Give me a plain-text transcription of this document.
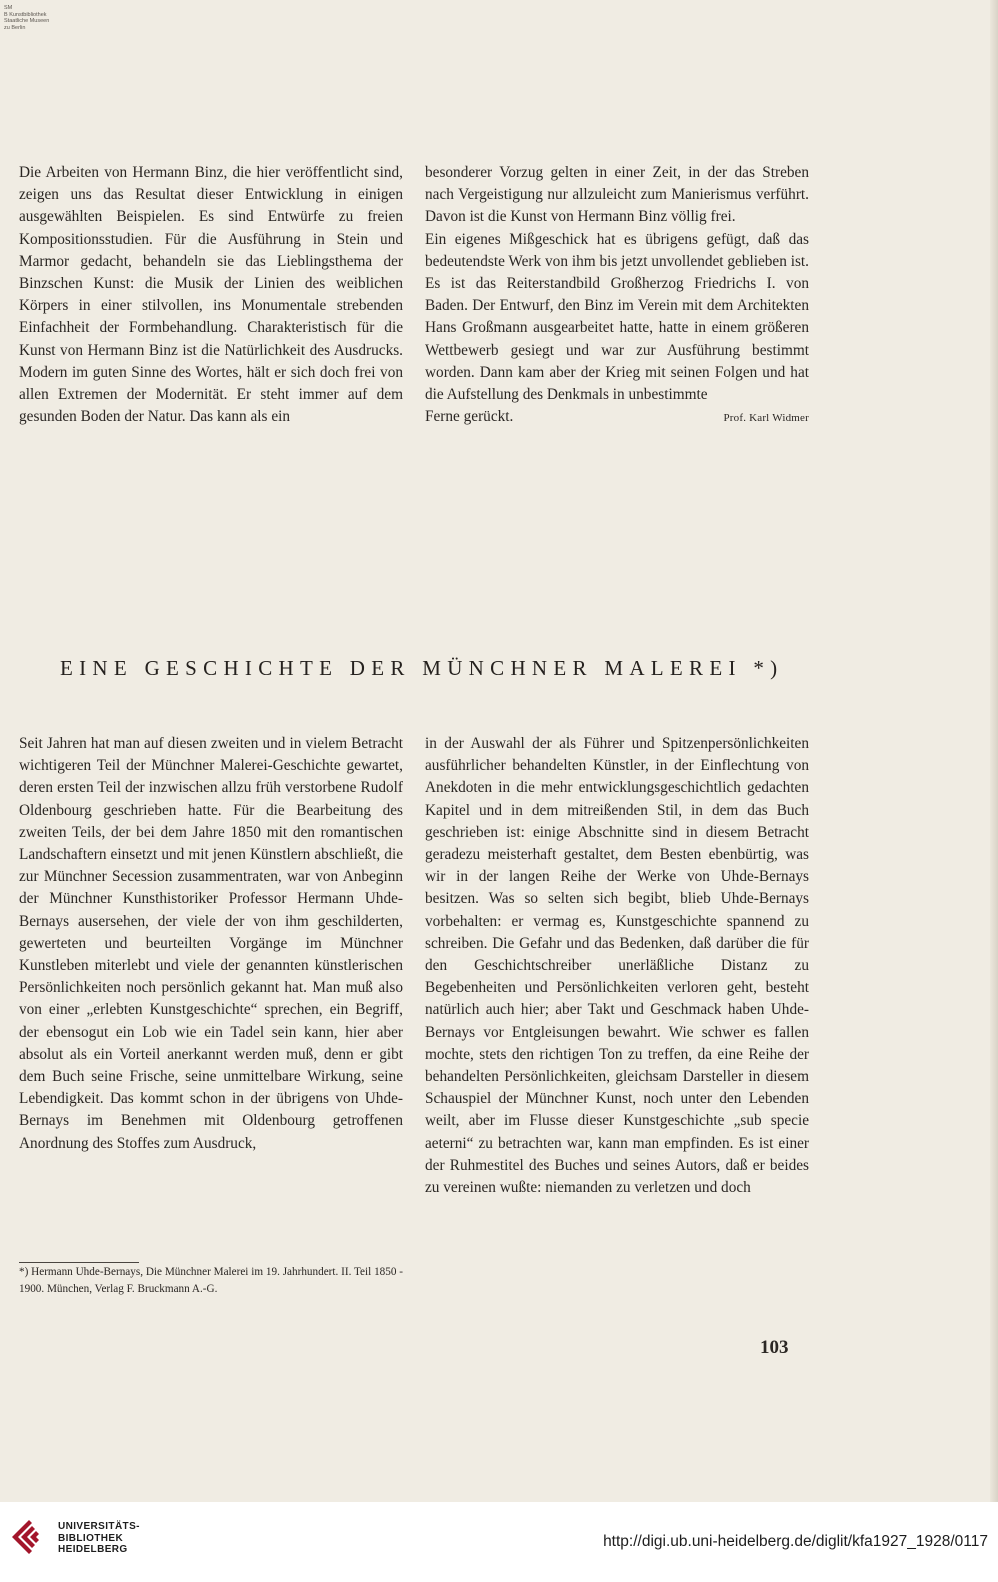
SM
B Kunstbibliothek
Staatliche Museen
zu Berlin

Die Arbeiten von Hermann Binz, die hier veröffentlicht sind, zeigen uns das Resultat dieser Entwicklung in einigen ausgewählten Beispielen. Es sind Entwürfe zu freien Kompositionsstudien. Für die Ausführung in Stein und Marmor gedacht, behandeln sie das Lieblingsthema der Binzschen Kunst: die Musik der Linien des weiblichen Körpers in einer stilvollen, ins Monumentale strebenden Einfachheit der Formbehandlung. Charakteristisch für die Kunst von Hermann Binz ist die Natürlichkeit des Ausdrucks. Modern im guten Sinne des Wortes, hält er sich doch frei von allen Extremen der Modernität. Er steht immer auf dem gesunden Boden der Natur. Das kann als ein

besonderer Vorzug gelten in einer Zeit, in der das Streben nach Vergeistigung nur allzuleicht zum Manierismus verführt. Davon ist die Kunst von Hermann Binz völlig frei.

Ein eigenes Mißgeschick hat es übrigens gefügt, daß das bedeutendste Werk von ihm bis jetzt unvollendet geblieben ist. Es ist das Reiterstandbild Großherzog Friedrichs I. von Baden. Der Entwurf, den Binz im Verein mit dem Architekten Hans Großmann ausgearbeitet hatte, hatte in einem größeren Wettbewerb gesiegt und war zur Ausführung bestimmt worden. Dann kam aber der Krieg mit seinen Folgen und hat die Aufstellung des Denkmals in unbestimmte

Ferne gerückt.	Prof. Karl Widmer
EINE GESCHICHTE DER MÜNCHNER MALEREI *)

Seit Jahren hat man auf diesen zweiten und in vielem Betracht wichtigeren Teil der Münchner Malerei-Geschichte gewartet, deren ersten Teil der inzwischen allzu früh verstorbene Rudolf Oldenbourg geschrieben hatte. Für die Bearbeitung des zweiten Teils, der bei dem Jahre 1850 mit den romantischen Landschaftern einsetzt und mit jenen Künstlern abschließt, die zur Münchner Secession zusammentraten, war von Anbeginn der Münchner Kunsthistoriker Professor Hermann Uhde-Bernays ausersehen, der viele der von ihm geschilderten, gewerteten und beurteilten Vorgänge im Münchner Kunstleben miterlebt und viele der genannten künstlerischen Persönlichkeiten noch persönlich gekannt hat. Man muß also von einer „erlebten Kunstgeschichte“ sprechen, ein Begriff, der ebensogut ein Lob wie ein Tadel sein kann, hier aber absolut als ein Vorteil anerkannt werden muß, denn er gibt dem Buch seine Frische, seine unmittelbare Wirkung, seine Lebendigkeit. Das kommt schon in der übrigens von Uhde-Bernays im Benehmen mit Oldenbourg getroffenen Anordnung des Stoffes zum Ausdruck,

*) Hermann Uhde-Bernays, Die Münchner Malerei im 19. Jahrhundert. II. Teil 1850 - 1900. München, Verlag F. Bruckmann A.-G.

in der Auswahl der als Führer und Spitzenpersönlichkeiten ausführlicher behandelten Künstler, in der Einflechtung von Anekdoten in die mehr entwicklungsgeschichtlich gedachten Kapitel und in dem mitreißenden Stil, in dem das Buch geschrieben ist: einige Abschnitte sind in diesem Betracht geradezu meisterhaft gestaltet, dem Besten ebenbürtig, was wir in der langen Reihe der Werke von Uhde-Bernays besitzen. Was so selten sich begibt, blieb Uhde-Bernays vorbehalten: er vermag es, Kunstgeschichte spannend zu schreiben. Die Gefahr und das Bedenken, daß darüber die für den Geschichtschreiber unerläßliche Distanz zu Begebenheiten und Persönlichkeiten verloren geht, besteht natürlich auch hier; aber Takt und Geschmack haben Uhde-Bernays vor Entgleisungen bewahrt. Wie schwer es fallen mochte, stets den richtigen Ton zu treffen, da eine Reihe der behandelten Persönlichkeiten, gleichsam Darsteller in diesem Schauspiel der Münchner Kunst, noch unter den Lebenden weilt, aber im Flusse dieser Kunstgeschichte „sub specie aeterni“ zu betrachten war, kann man empfinden. Es ist einer der Ruhmestitel des Buches und seines Autors, daß er beides zu vereinen wußte: niemanden zu verletzen und doch

103
UNIVERSITÄTS-
BIBLIOTHEK
HEIDELBERG	http://digi.ub.uni-heidelberg.de/diglit/kfa1927_1928/0117
